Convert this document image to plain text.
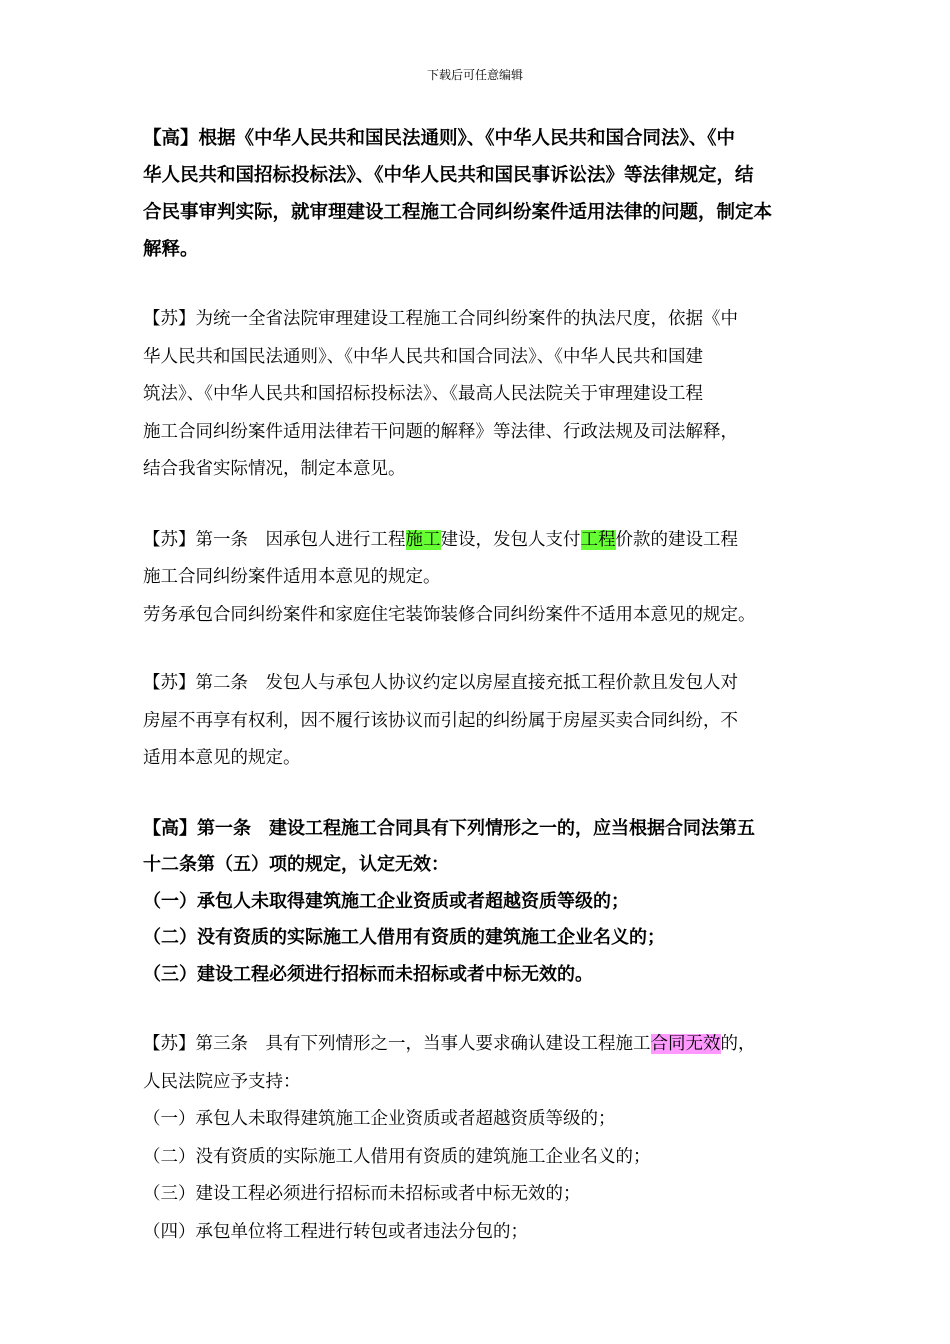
下载后可任意编辑
【高】根据《中华人民共和国民法通则》、《中华人民共和国合同法》、《中
华人民共和国招标投标法》、《中华人民共和国民事诉讼法》等法律规定，结
合民事审判实际，就审理建设工程施工合同纠纷案件适用法律的问题，制定本
解释。
【苏】为统一全省法院审理建设工程施工合同纠纷案件的执法尺度，依据《中
华人民共和国民法通则》、《中华人民共和国合同法》、《中华人民共和国建
筑法》、《中华人民共和国招标投标法》、《最高人民法院关于审理建设工程
施工合同纠纷案件适用法律若干问题的解释》等法律、行政法规及司法解释，
结合我省实际情况，制定本意见。
【苏】第一条　因承包人进行工程施工建设，发包人支付工程价款的建设工程
施工合同纠纷案件适用本意见的规定。
劳务承包合同纠纷案件和家庭住宅装饰装修合同纠纷案件不适用本意见的规定。
【苏】第二条　发包人与承包人协议约定以房屋直接充抵工程价款且发包人对
房屋不再享有权利，因不履行该协议而引起的纠纷属于房屋买卖合同纠纷，不
适用本意见的规定。
【高】第一条　建设工程施工合同具有下列情形之一的，应当根据合同法第五
十二条第（五）项的规定，认定无效：
（一）承包人未取得建筑施工企业资质或者超越资质等级的；
（二）没有资质的实际施工人借用有资质的建筑施工企业名义的；
（三）建设工程必须进行招标而未招标或者中标无效的。
【苏】第三条　具有下列情形之一，当事人要求确认建设工程施工合同无效的，
人民法院应予支持：
（一）承包人未取得建筑施工企业资质或者超越资质等级的；
（二）没有资质的实际施工人借用有资质的建筑施工企业名义的；
（三）建设工程必须进行招标而未招标或者中标无效的；
（四）承包单位将工程进行转包或者违法分包的；
